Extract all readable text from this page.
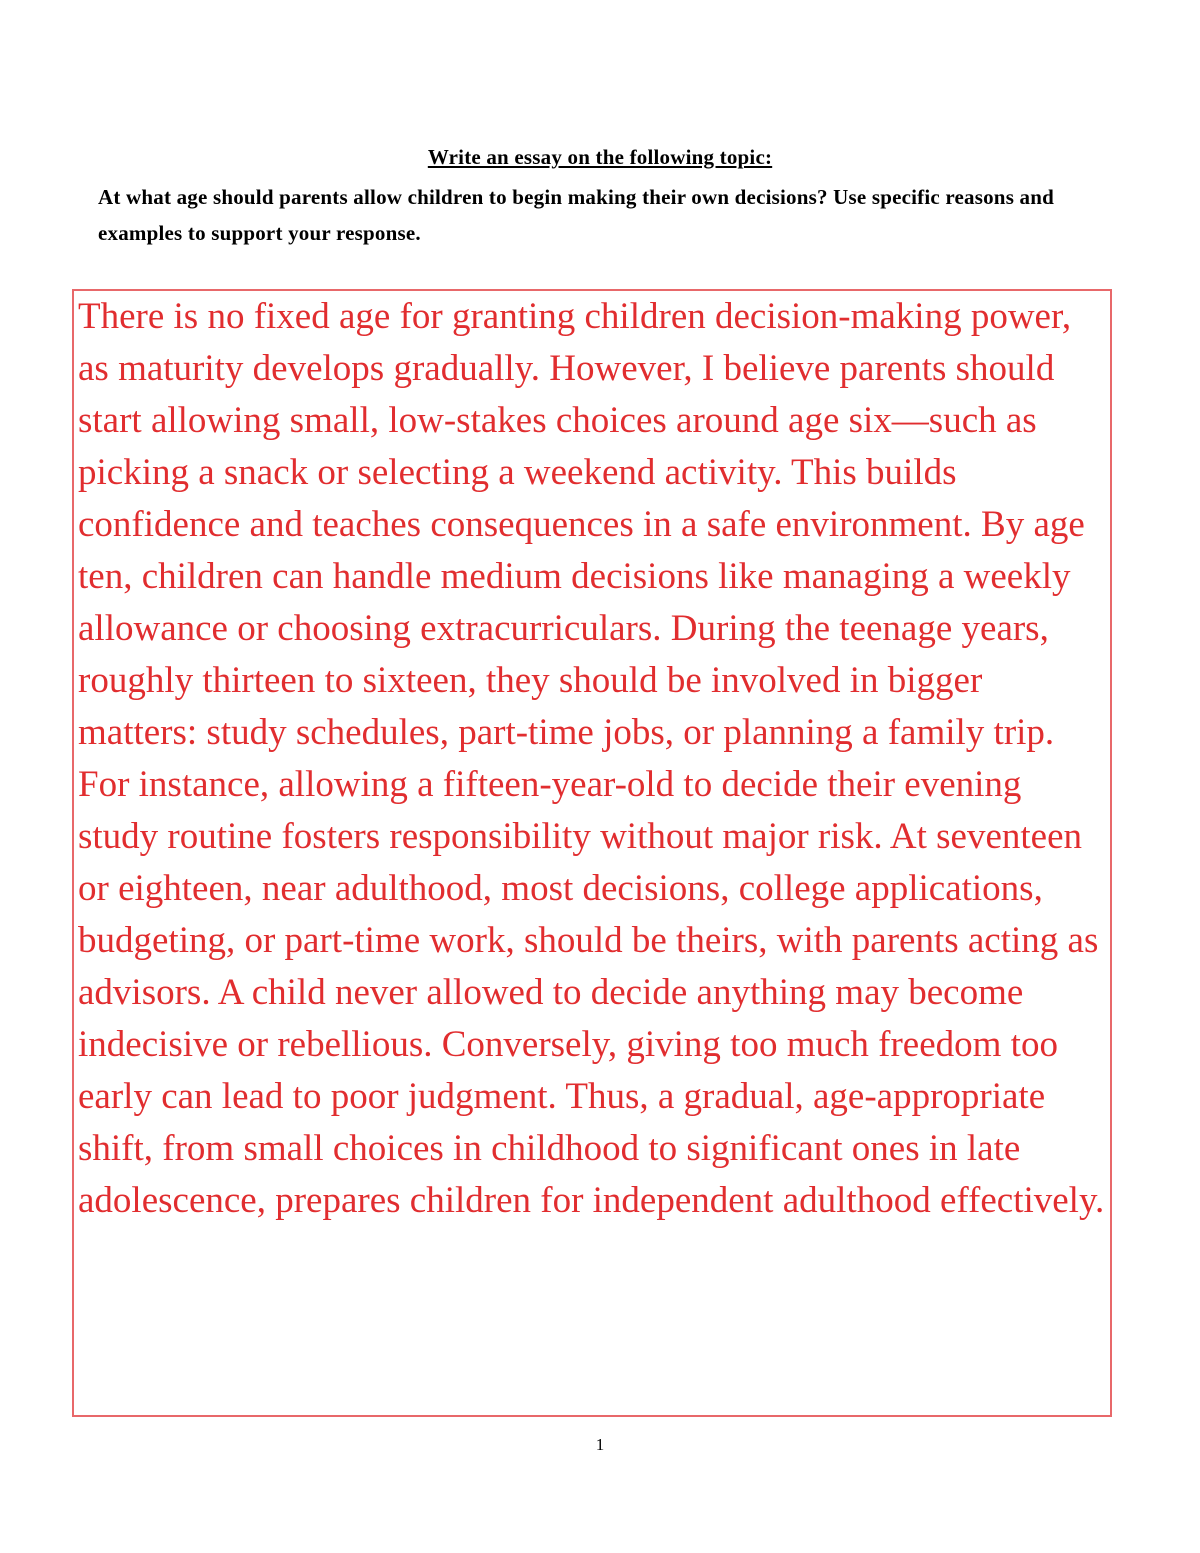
Write an essay on the following topic:
At what age should parents allow children to begin making their own decisions? Use specific reasons and examples to support your response.

There is no fixed age for granting children decision-making power, as maturity develops gradually. However, I believe parents should start allowing small, low-stakes choices around age six—such as picking a snack or selecting a weekend activity. This builds confidence and teaches consequences in a safe environment. By age ten, children can handle medium decisions like managing a weekly allowance or choosing extracurriculars. During the teenage years, roughly thirteen to sixteen, they should be involved in bigger matters: study schedules, part-time jobs, or planning a family trip. For instance, allowing a fifteen-year-old to decide their evening study routine fosters responsibility without major risk. At seventeen or eighteen, near adulthood, most decisions, college applications, budgeting, or part-time work, should be theirs, with parents acting as advisors. A child never allowed to decide anything may become indecisive or rebellious. Conversely, giving too much freedom too early can lead to poor judgment. Thus, a gradual, age-appropriate shift, from small choices in childhood to significant ones in late adolescence, prepares children for independent adulthood effectively.

1
